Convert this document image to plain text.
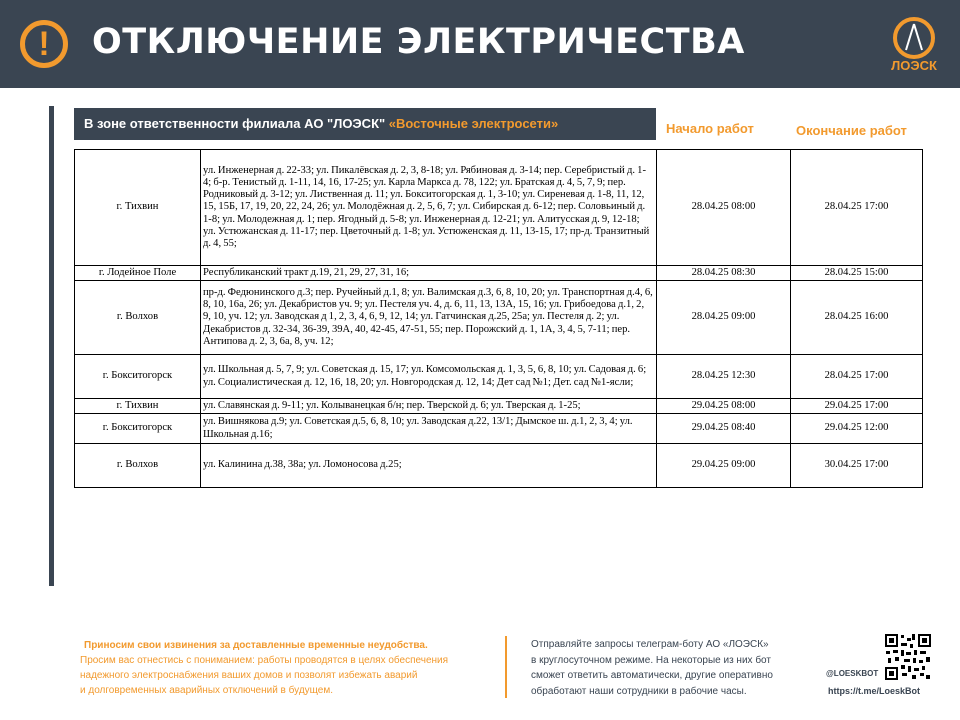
!	ОТКЛЮЧЕНИЕ ЭЛЕКТРИЧЕСТВА
ЛОЭСК
В зоне ответственности филиала АО "ЛОЭСК" «Восточные электросети»	Начало работ	Окончание работ
г. Тихвин	ул. Инженерная д. 22-33; ул. Пикалёвская д. 2, 3, 8-18; ул. Рябиновая д. 3-14; пер. Серебристый д. 1-4; б-р. Тенистый д. 1-11, 14, 16, 17-25; ул. Карла Маркса д. 78, 122; ул. Братская д. 4, 5, 7, 9; пер. Родниковый д. 3-12; ул. Лиственная д. 11; ул. Бокситогорская д. 1, 3-10; ул. Сиреневая д. 1-8, 11, 12, 15, 15Б, 17, 19, 20, 22, 24, 26; ул. Молодёжная д. 2, 5, 6, 7; ул. Сибирская д. 6-12; пер. Соловьиный д. 1-8; ул. Молодежная д. 1; пер. Ягодный д. 5-8; ул. Инженерная д. 12-21; ул. Алитусская д. 9, 12-18; ул. Устюжанская д. 11-17; пер. Цветочный д. 1-8; ул. Устюженская д. 11, 13-15, 17; пр-д. Транзитный д. 4, 55;	28.04.25 08:00	28.04.25 17:00
г. Лодейное Поле	Республиканский тракт д.19, 21, 29, 27, 31, 16;	28.04.25 08:30	28.04.25 15:00
г. Волхов	пр-д. Федюнинского д.3; пер. Ручейный д.1, 8; ул. Валимская д.3, 6, 8, 10, 20; ул. Транспортная д.4, 6, 8, 10, 16а, 26; ул. Декабристов уч. 9; ул. Пестеля уч. 4, д. 6, 11, 13, 13А, 15, 16; ул. Грибоедова д.1, 2, 9, 10, уч. 12; ул. Заводская д 1, 2, 3, 4, 6, 9, 12, 14; ул. Гатчинская д.25, 25а; ул. Пестеля д. 2; ул. Декабристов д. 32-34, 36-39, 39А, 40, 42-45, 47-51, 55; пер. Порожский д. 1, 1А, 3, 4, 5, 7-11; пер. Антипова д. 2, 3, 6а, 8, уч. 12;	28.04.25 09:00	28.04.25 16:00
г. Бокситогорск	ул. Школьная д. 5, 7, 9; ул. Советская д. 15, 17; ул. Комсомольская д. 1, 3, 5, 6, 8, 10; ул. Садовая д. 6; ул. Социалистическая д. 12, 16, 18, 20; ул. Новгородская д. 12, 14; Дет сад №1; Дет. сад №1-ясли;	28.04.25 12:30	28.04.25 17:00
г. Тихвин	ул. Славянская д. 9-11; ул. Колыванецкая б/н; пер. Тверской д. 6; ул. Тверская д. 1-25;	29.04.25 08:00	29.04.25 17:00
г. Бокситогорск	ул. Вишнякова д.9; ул. Советская д.5, 6, 8, 10; ул. Заводская д.22, 13/1; Дымское ш. д.1, 2, 3, 4; ул. Школьная д.16;	29.04.25 08:40	29.04.25 12:00
г. Волхов	ул. Калинина д.38, 38а; ул. Ломоносова д.25;	29.04.25 09:00	30.04.25 17:00
Приносим свои извинения за доставленные временные неудобства.
Просим вас отнестись с пониманием: работы проводятся в целях обеспечения
надежного электроснабжения ваших домов и позволят избежать аварий
и долговременных аварийных отключений в будущем.
Отправляйте запросы телеграм-боту АО «ЛОЭСК»
в круглосуточном режиме. На некоторые из них бот
сможет ответить автоматически, другие оперативно
обработают наши сотрудники в рабочие часы.
@LOESKBOT
https://t.me/LoeskBot
